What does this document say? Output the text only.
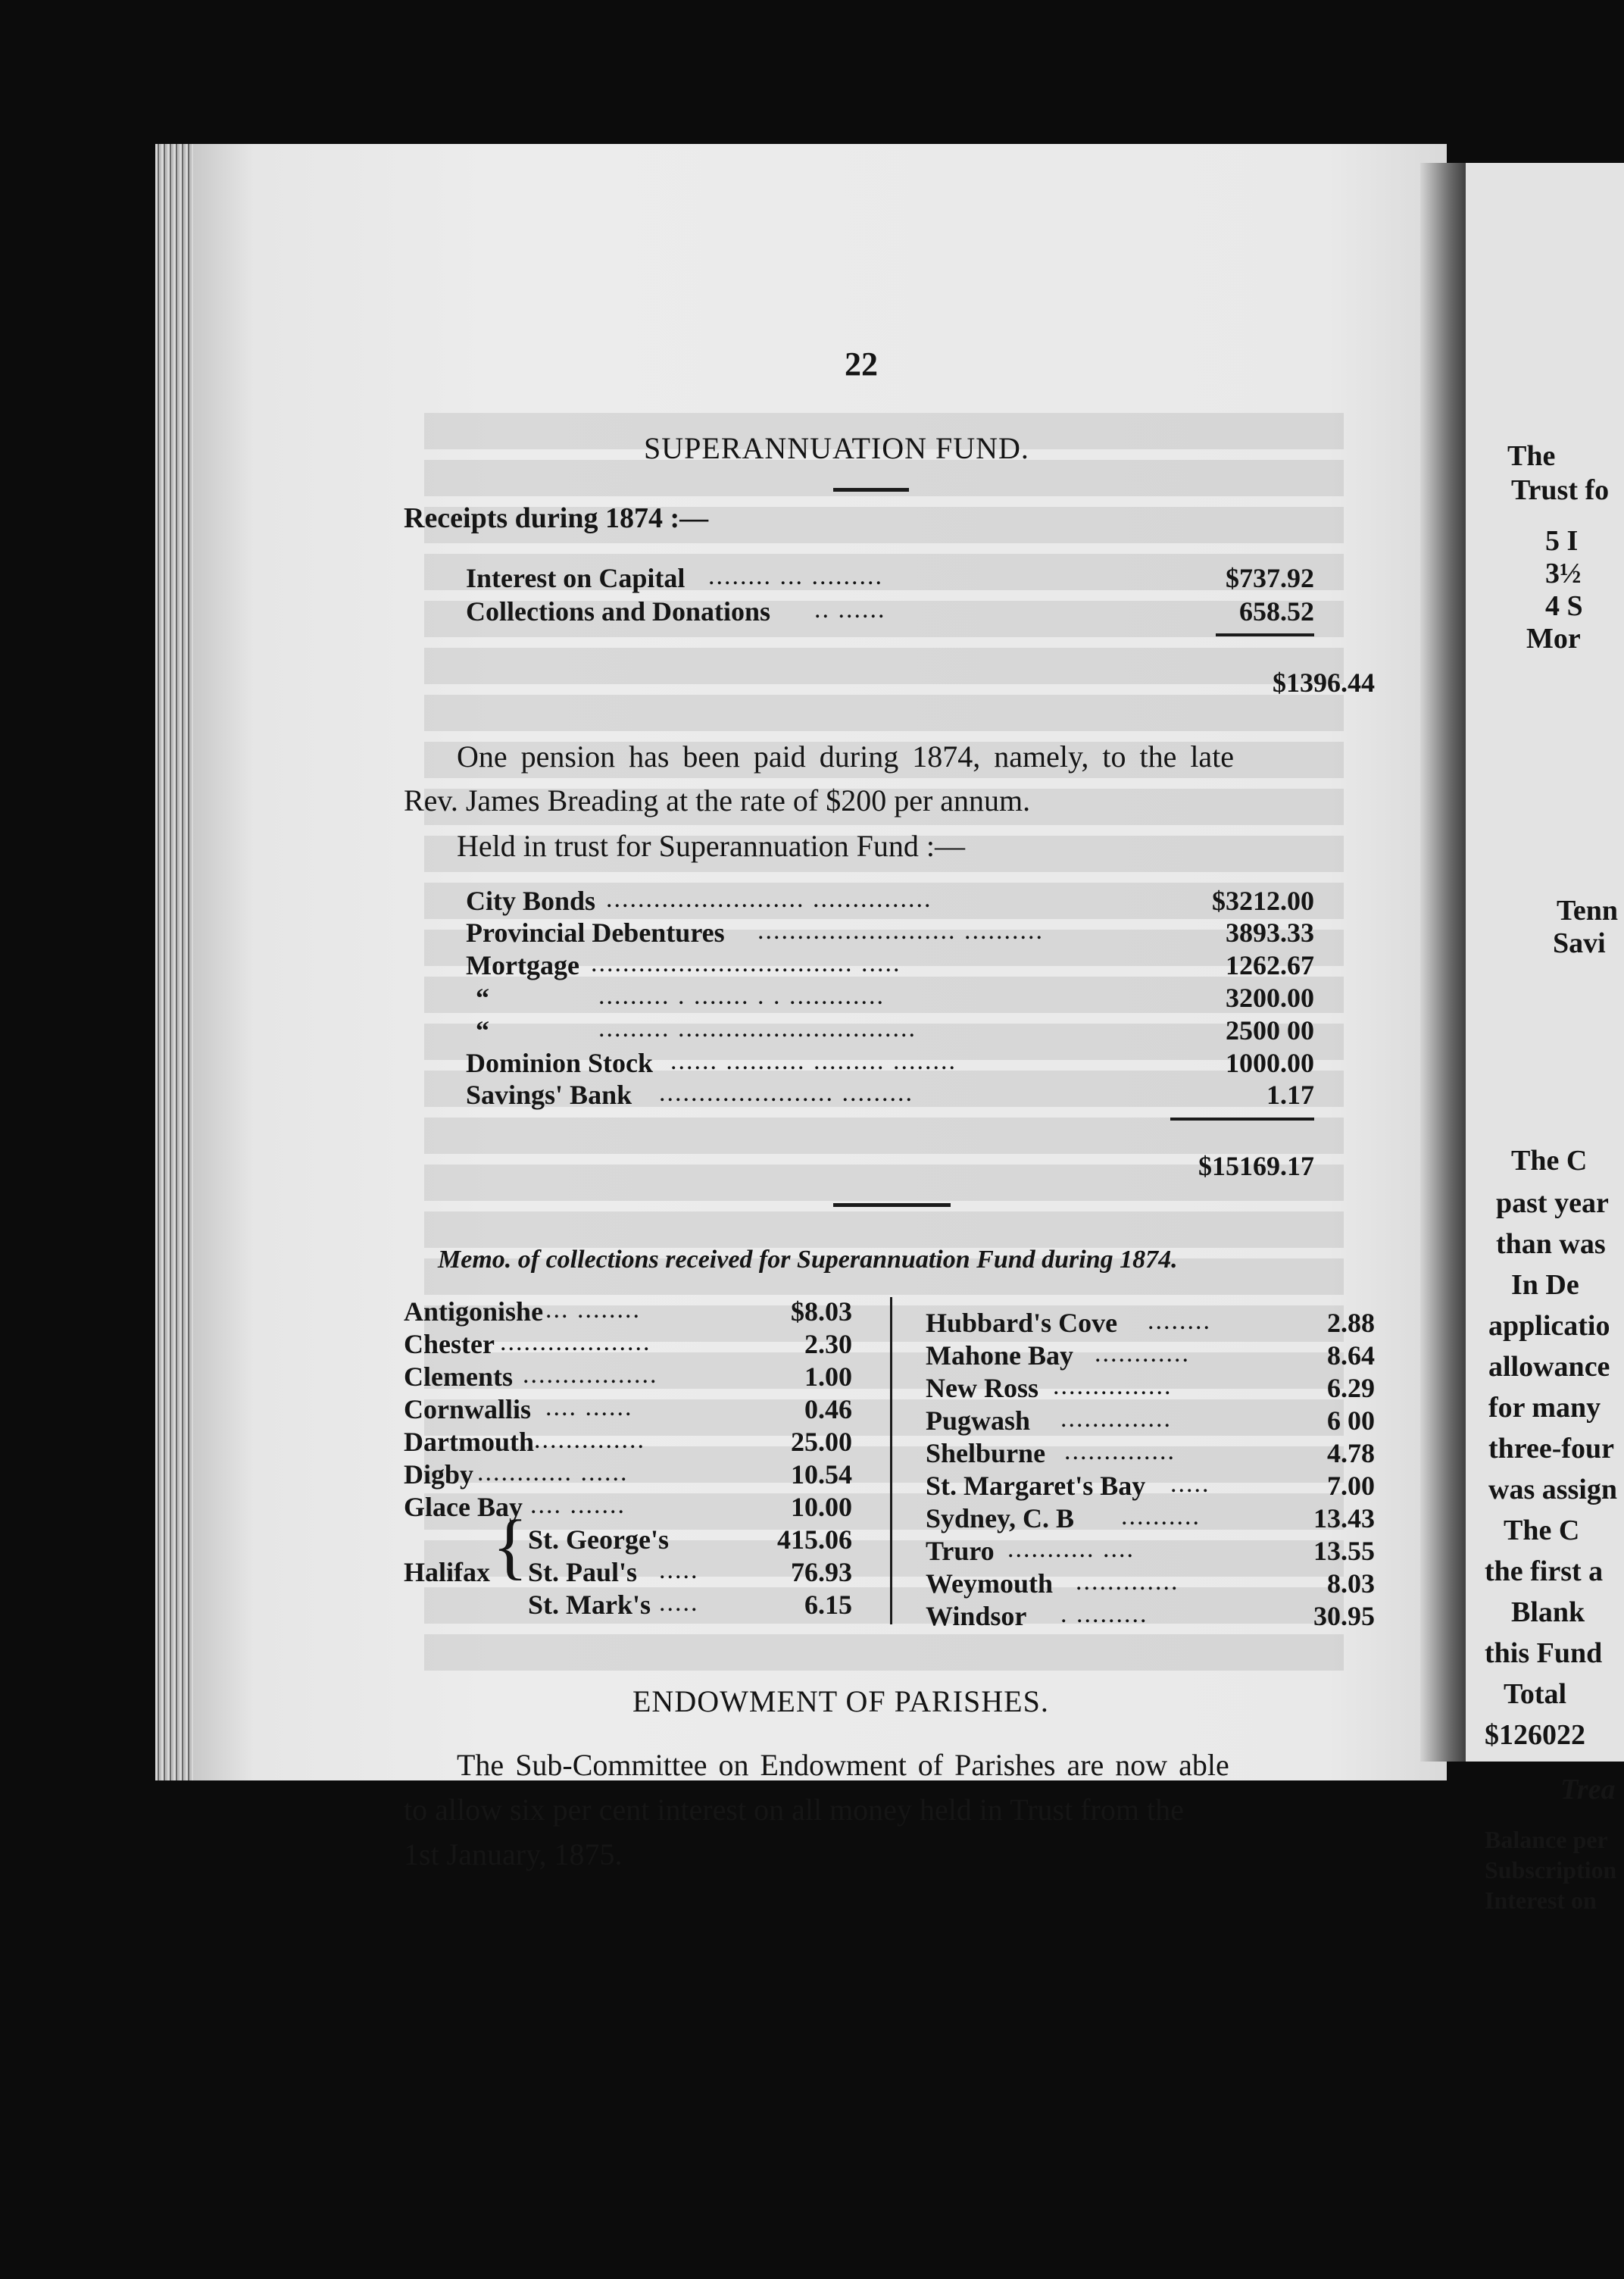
22
SUPERANNUATION FUND.
Receipts during 1874 :—
Interest on Capital ........ ... .........	$737.92
Collections and Donations .. ......	658.52
$1396.44
One pension has been paid during 1874, namely, to the late
Rev. James Breading at the rate of $200 per annum.
Held in trust for Superannuation Fund :—
City Bonds ......................... ...............	$3212.00
Provincial Debentures ......................... ..........	3893.33
Mortgage ................................. .....	1262.67
“	......... . ....... . . ............	3200.00
“	......... ..............................	2500 00
Dominion Stock ...... .......... ......... ........	1000.00
Savings' Bank ...................... .........	1.17
$15169.17
Memo. of collections received for Superannuation Fund during 1874.
Antigonishe ... ........	$8.03
Chester ...................	2.30
Clements .................	1.00
Cornwallis .... ......	0.46
Dartmouth ..............	25.00
Digby ............ ......	10.54
Glace Bay .... .......	10.00
Halifax { St. George's	415.06
St. Paul's .....	76.93
St. Mark's .....	6.15
Hubbard's Cove ........	2.88
Mahone Bay ............	8.64
New Ross ...............	6.29
Pugwash ..............	6 00
Shelburne ..............	4.78
St. Margaret's Bay .....	7.00
Sydney, C. B ..........	13.43
Truro ........... ....	13.55
Weymouth .............	8.03
Windsor . .........	30.95
ENDOWMENT OF PARISHES.
The Sub-Committee on Endowment of Parishes are now able
to allow six per cent interest on all money held in Trust from the
1st January, 1875.
The
Trust fo
5 I
3½
4 S
Mor
Tenn
Savi
The C
past year
than was
In De
applicatio
allowance
for many
three-four
was assign
The C
the first a
Blank
this Fund
Total
$126022
Trea
Balance per
Subscription
Interest on
